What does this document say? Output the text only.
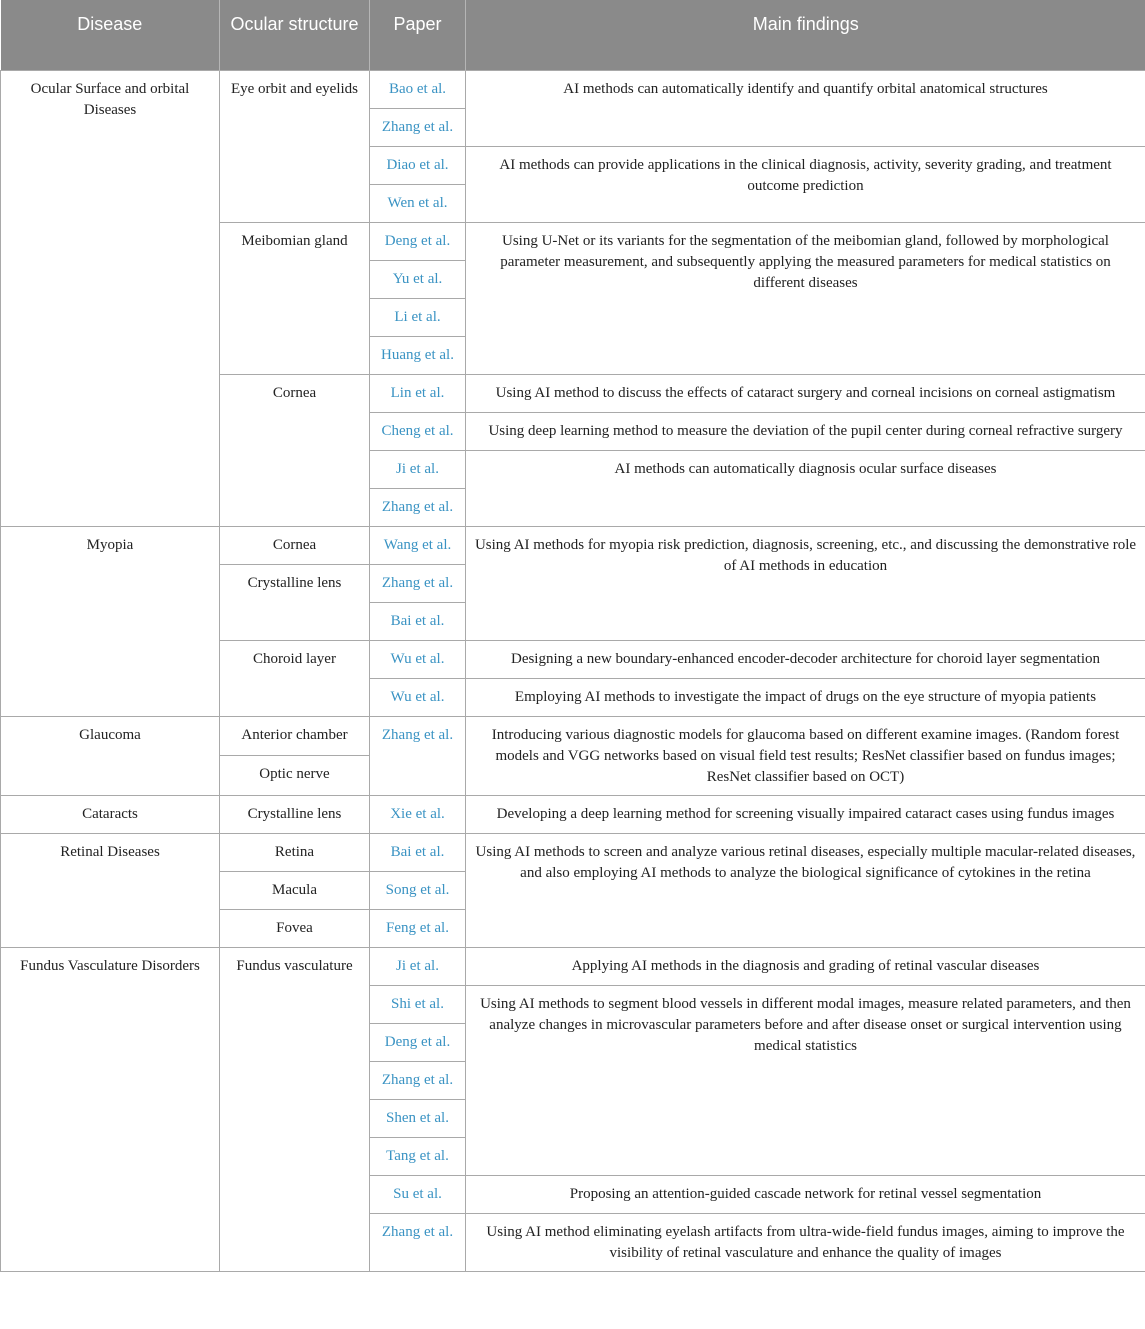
Disease	Ocular structure	Paper	Main findings
Ocular Surface and orbital Diseases	Eye orbit and eyelids	Bao et al.	AI methods can automatically identify and quantify orbital anatomical structures
		Zhang et al.	
		Diao et al.	AI methods can provide applications in the clinical diagnosis, activity, severity grading, and treatment outcome prediction
		Wen et al.	
	Meibomian gland	Deng et al.	Using U-Net or its variants for the segmentation of the meibomian gland, followed by morphological parameter measurement, and subsequently applying the measured parameters for medical statistics on different diseases
		Yu et al.	
		Li et al.	
		Huang et al.	
	Cornea	Lin et al.	Using AI method to discuss the effects of cataract surgery and corneal incisions on corneal astigmatism
		Cheng et al.	Using deep learning method to measure the deviation of the pupil center during corneal refractive surgery
		Ji et al.	AI methods can automatically diagnosis ocular surface diseases
		Zhang et al.	
Myopia	Cornea	Wang et al.	Using AI methods for myopia risk prediction, diagnosis, screening, etc., and discussing the demonstrative role of AI methods in education
	Crystalline lens	Zhang et al.	
		Bai et al.	
	Choroid layer	Wu et al.	Designing a new boundary-enhanced encoder-decoder architecture for choroid layer segmentation
		Wu et al.	Employing AI methods to investigate the impact of drugs on the eye structure of myopia patients
Glaucoma	Anterior chamber	Zhang et al.	Introducing various diagnostic models for glaucoma based on different examine images. (Random forest models and VGG networks based on visual field test results; ResNet classifier based on fundus images; ResNet classifier based on OCT)
	Optic nerve		
Cataracts	Crystalline lens	Xie et al.	Developing a deep learning method for screening visually impaired cataract cases using fundus images
Retinal Diseases	Retina	Bai et al.	Using AI methods to screen and analyze various retinal diseases, especially multiple macular-related diseases, and also employing AI methods to analyze the biological significance of cytokines in the retina
	Macula	Song et al.	
	Fovea	Feng et al.	
Fundus Vasculature Disorders	Fundus vasculature	Ji et al.	Applying AI methods in the diagnosis and grading of retinal vascular diseases
		Shi et al.	Using AI methods to segment blood vessels in different modal images, measure related parameters, and then analyze changes in microvascular parameters before and after disease onset or surgical intervention using medical statistics
		Deng et al.	
		Zhang et al.	
		Shen et al.	
		Tang et al.	
		Su et al.	Proposing an attention-guided cascade network for retinal vessel segmentation
		Zhang et al.	Using AI method eliminating eyelash artifacts from ultra-wide-field fundus images, aiming to improve the visibility of retinal vasculature and enhance the quality of images
